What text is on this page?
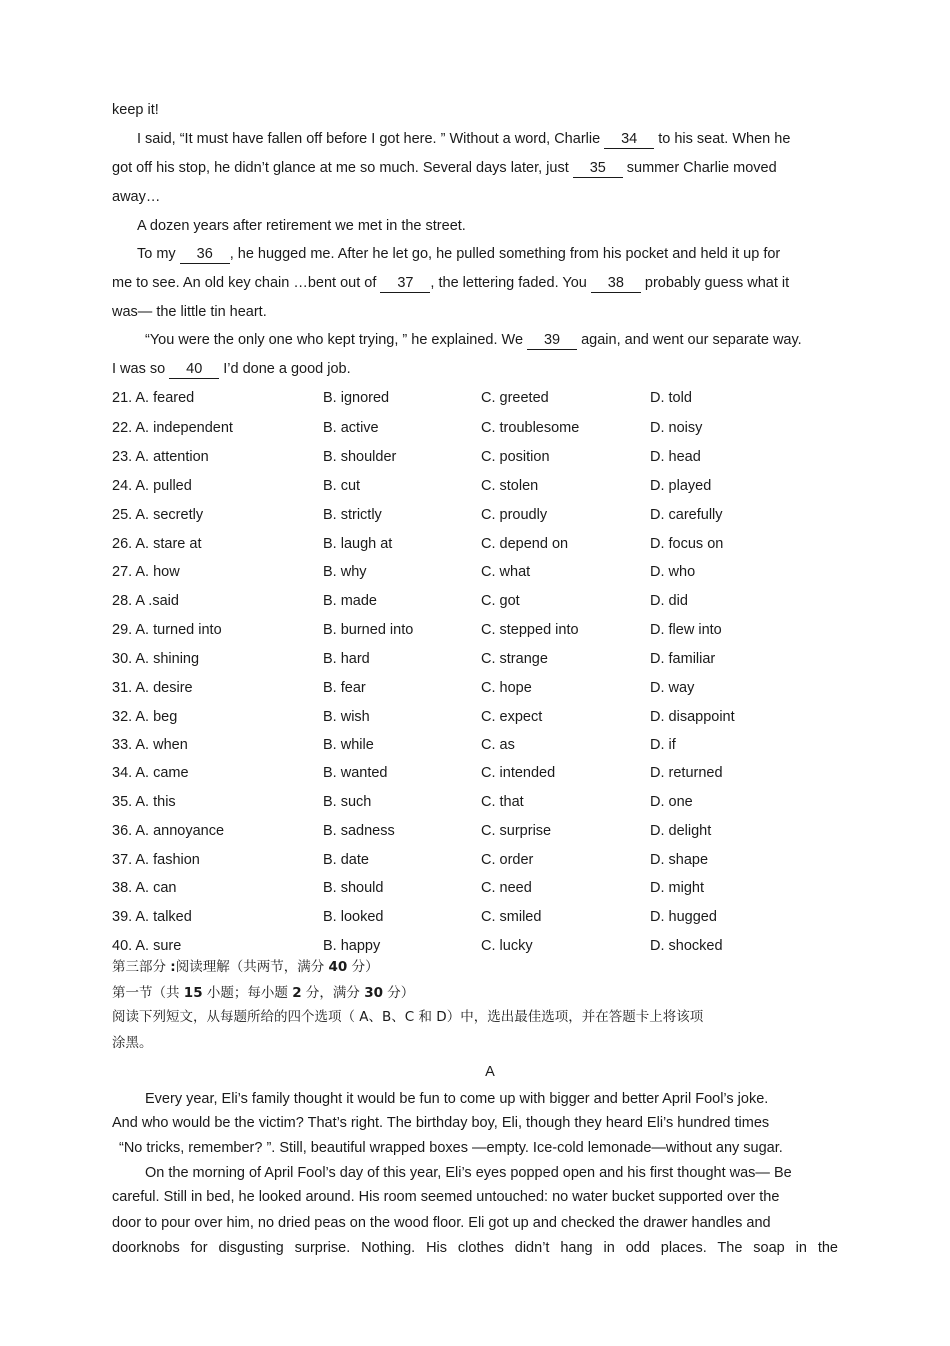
keep it!
I said, “It must have fallen off before I got here. ” Without a word, Charlie 34 to his seat. When he
got off his stop, he didn’t glance at me so much. Several days later, just 35 summer Charlie moved
away…
A dozen years after retirement we met in the street.
To my 36 , he hugged me. After he let go, he pulled something from his pocket and held it up for
me to see. An old key chain …bent out of 37 , the lettering faded. You 38 probably guess what it
was— the little tin heart.
“You were the only one who kept trying, ” he explained. We 39 again, and went our separate way.
I was so 40 I’d done a good job.
21. A. feared	B. ignored	C. greeted	D. told
22. A. independent	B. active	C. troublesome	D. noisy
23. A. attention	B. shoulder	C. position	D. head
24. A. pulled	B. cut	C. stolen	D. played
25. A. secretly	B. strictly	C. proudly	D. carefully
26. A. stare at	B. laugh at	C. depend on	D. focus on
27. A. how	B. why	C. what	D. who
28. A .said	B. made	C. got	D. did
29. A. turned into	B. burned into	C. stepped into	D. flew into
30. A. shining	B. hard	C. strange	D. familiar
31. A. desire	B. fear	C. hope	D. way
32. A. beg	B. wish	C. expect	D. disappoint
33. A. when	B. while	C. as	D. if
34. A. came	B. wanted	C. intended	D. returned
35. A. this	B. such	C. that	D. one
36. A. annoyance	B. sadness	C. surprise	D. delight
37. A. fashion	B. date	C. order	D. shape
38. A. can	B. should	C. need	D. might
39. A. talked	B. looked	C. smiled	D. hugged
40. A. sure	B. happy	C. lucky	D. shocked
第三部分 :阅读理解（共两节，满分 40 分）
第一节（共 15 小题；每小题 2 分，满分 30 分）
阅读下列短文，从每题所给的四个选项（ A、B、C 和 D）中，选出最佳选项，并在答题卡上将该项
涂黑。
A
Every year, Eli’s family thought it would be fun to come up with bigger and better April Fool’s joke.
And who would be the victim? That’s right. The birthday boy, Eli, though they heard Eli’s hundred times
“No tricks, remember? ”. Still, beautiful wrapped boxes —empty. Ice-cold lemonade—without any sugar.
On the morning of April Fool’s day of this year, Eli’s eyes popped open and his first thought was— Be
careful. Still in bed, he looked around. His room seemed untouched: no water bucket supported over the
door to pour over him, no dried peas on the wood floor. Eli got up and checked the drawer handles and
doorknobs for disgusting surprise. Nothing. His clothes didn’t hang in odd places. The soap in the
